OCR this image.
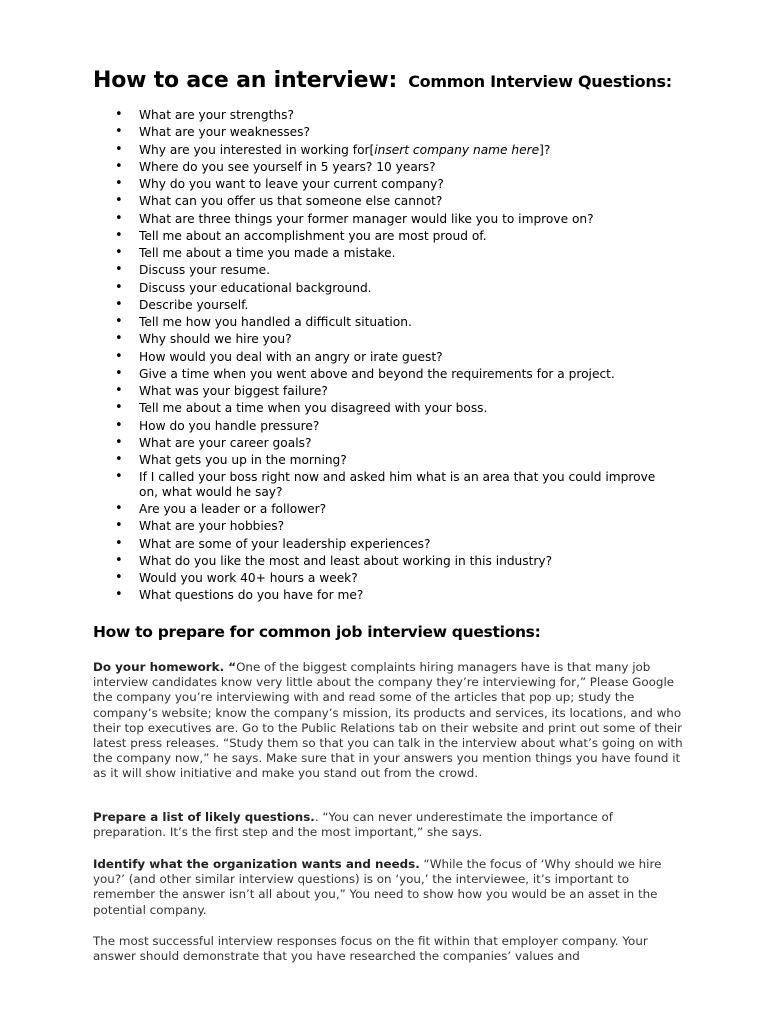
How to ace an interview: Common Interview Questions:
• What are your strengths?
• What are your weaknesses?
• Why are you interested in working for[insert company name here]?
• Where do you see yourself in 5 years? 10 years?
• Why do you want to leave your current company?
• What can you offer us that someone else cannot?
• What are three things your former manager would like you to improve on?
• Tell me about an accomplishment you are most proud of.
• Tell me about a time you made a mistake.
• Discuss your resume.
• Discuss your educational background.
• Describe yourself.
• Tell me how you handled a difficult situation.
• Why should we hire you?
• How would you deal with an angry or irate guest?
• Give a time when you went above and beyond the requirements for a project.
• What was your biggest failure?
• Tell me about a time when you disagreed with your boss.
• How do you handle pressure?
• What are your career goals?
• What gets you up in the morning?
• If I called your boss right now and asked him what is an area that you could improve on, what would he say?
• Are you a leader or a follower?
• What are your hobbies?
• What are some of your leadership experiences?
• What do you like the most and least about working in this industry?
• Would you work 40+ hours a week?
• What questions do you have for me?
How to prepare for common job interview questions:

Do your homework. “One of the biggest complaints hiring managers have is that many job interview candidates know very little about the company they’re interviewing for,” Please Google the company you’re interviewing with and read some of the articles that pop up; study the company’s website; know the company’s mission, its products and services, its locations, and who their top executives are. Go to the Public Relations tab on their website and print out some of their latest press releases. “Study them so that you can talk in the interview about what’s going on with the company now,” he says. Make sure that in your answers you mention things you have found it as it will show initiative and make you stand out from the crowd.

Prepare a list of likely questions.. “You can never underestimate the importance of preparation. It’s the first step and the most important,” she says.

Identify what the organization wants and needs. “While the focus of ‘Why should we hire you?’ (and other similar interview questions) is on ‘you,’ the interviewee, it’s important to remember the answer isn’t all about you,” You need to show how you would be an asset in the potential company.

The most successful interview responses focus on the fit within that employer company. Your answer should demonstrate that you have researched the companies’ values and
